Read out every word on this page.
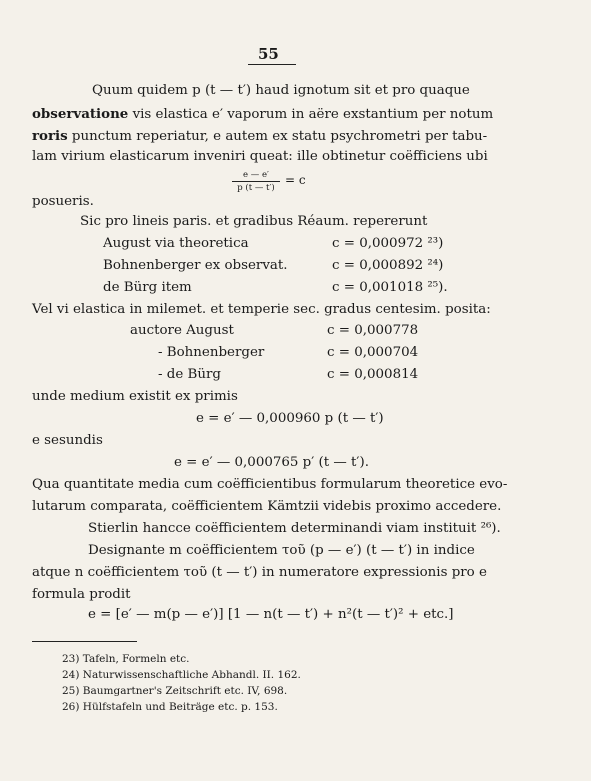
55
Quum quidem p (t — t′) haud ignotum sit et pro quaque
observatione vis elastica e′ vaporum in aëre exstantium per notum
roris punctum reperiatur, e autem ex statu psychrometri per tabu-
lam virium elasticarum inveniri queat: ille obtinetur coëfficiens ubi
e — e′
p (t — t′)
= c
posueris.
Sic pro lineis paris. et gradibus Réaum. repererunt
August via theoretica	c = 0,000972 ²³)
Bohnenberger ex observat.	c = 0,000892 ²⁴)
de Bürg item	c = 0,001018 ²⁵).
Vel vi elastica in milemet. et temperie sec. gradus centesim. posita:
auctore August	c = 0,000778
- Bohnenberger	c = 0,000704
- de Bürg	c = 0,000814
unde medium existit ex primis
e = e′ — 0,000960 p (t — t′)
e sesundis
e = e′ — 0,000765 p′ (t — t′).
Qua quantitate media cum coëfficientibus formularum theoretice evo-
lutarum comparata, coëfficientem Kämtzii videbis proximo accedere.
Stierlin hancce coëfficientem determinandi viam instituit ²⁶).
Designante m coëfficientem τοῦ (p — e′) (t — t′) in indice
atque n coëfficientem τοῦ (t — t′) in numeratore expressionis pro e
formula prodit
e = [e′ — m(p — e′)] [1 — n(t — t′) + n²(t — t′)² + etc.]
23) Tafeln, Formeln etc.
24) Naturwissenschaftliche Abhandl. II. 162.
25) Baumgartner's Zeitschrift etc. IV, 698.
26) Hülfstafeln und Beiträge etc. p. 153.
